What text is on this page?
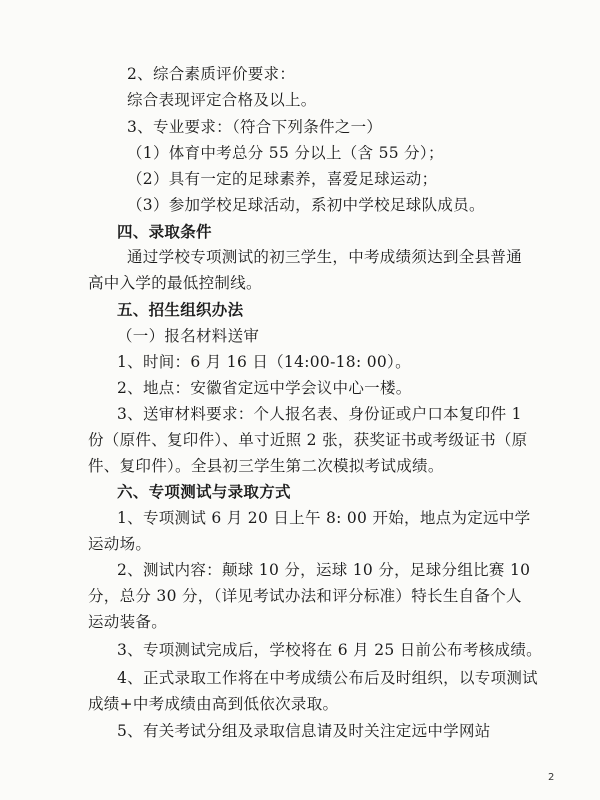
2、综合素质评价要求：
综合表现评定合格及以上。
3、专业要求：（符合下列条件之一）
（1）体育中考总分 55 分以上（含 55 分）；
（2）具有一定的足球素养，喜爱足球运动；
（3）参加学校足球活动，系初中学校足球队成员。
四、录取条件
通过学校专项测试的初三学生，中考成绩须达到全县普通
高中入学的最低控制线。
五、招生组织办法
（一）报名材料送审
1、时间：6 月 16 日（14:00-18: 00）。
2、地点：安徽省定远中学会议中心一楼。
3、送审材料要求：个人报名表、身份证或户口本复印件 1
份（原件、复印件）、单寸近照 2 张，获奖证书或考级证书（原
件、复印件）。全县初三学生第二次模拟考试成绩。
六、专项测试与录取方式
1、专项测试 6 月 20 日上午 8: 00 开始，地点为定远中学
运动场。
2、测试内容：颠球 10 分，运球 10 分，足球分组比赛 10
分，总分 30 分，（详见考试办法和评分标准）特长生自备个人
运动装备。
3、专项测试完成后，学校将在 6 月 25 日前公布考核成绩。
4、正式录取工作将在中考成绩公布后及时组织，以专项测试
成绩+中考成绩由高到低依次录取。
5、有关考试分组及录取信息请及时关注定远中学网站
2
